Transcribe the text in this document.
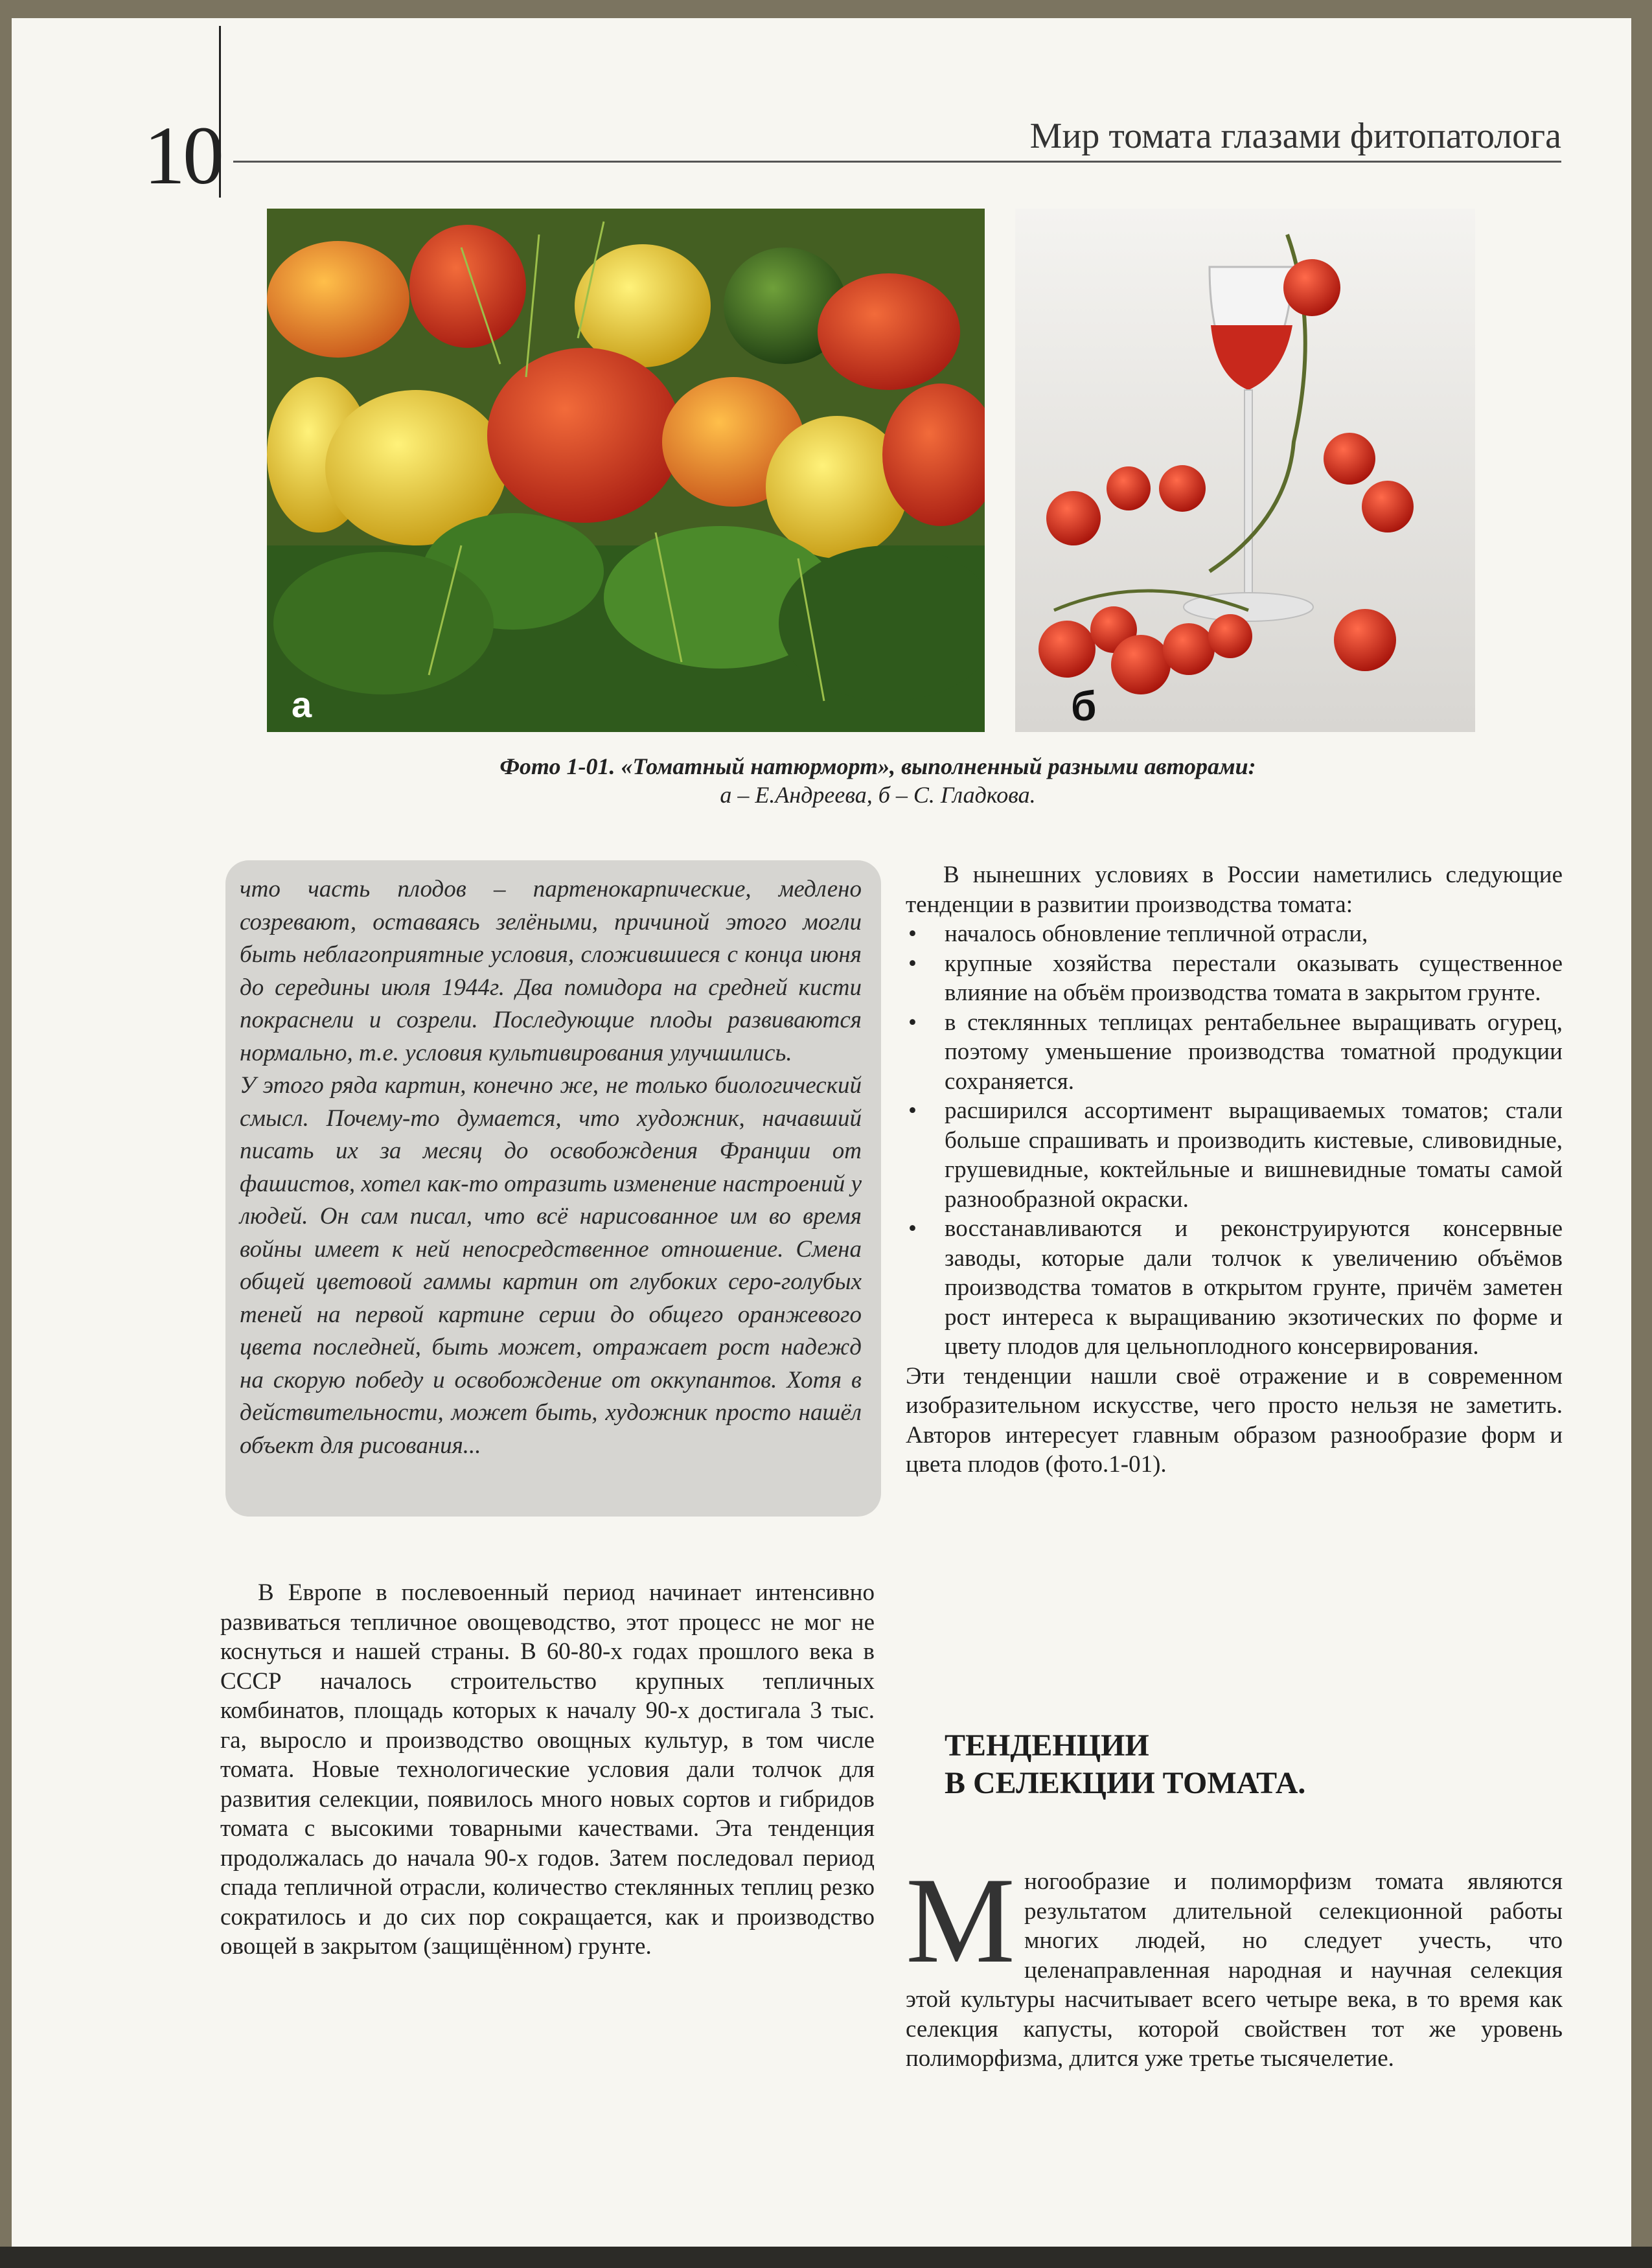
10	Мир томата глазами фитопатолога
а	б
Фото 1-01. «Томатный натюрморт», выполненный разными авторами:
а – Е.Андреева, б – С. Гладкова.

что часть плодов – партенокарпические, медлено созревают, оставаясь зелёными, причиной этого могли быть неблагоприятные условия, сложившиеся с конца июня до середины июля 1944г. Два помидора на средней кисти покраснели и созрели. Последующие плоды развиваются нормально, т.е. условия культивирования улучшились.

У этого ряда картин, конечно же, не только биологический смысл. Почему-то думается, что художник, начавший писать их за месяц до освобождения Франции от фашистов, хотел как-то отразить изменение настроений у людей. Он сам писал, что всё нарисованное им во время войны имеет к ней непосредственное отношение. Смена общей цветовой гаммы картин от глубоких серо-голубых теней на первой картине серии до общего оранжевого цвета последней, быть может, отражает рост надежд на скорую победу и освобождение от оккупантов. Хотя в действительности, может быть, художник просто нашёл объект для рисования...

В Европе в послевоенный период начинает интенсивно развиваться тепличное овощеводство, этот процесс не мог не коснуться и нашей страны. В 60-80-х годах прошлого века в СССР началось строительство крупных тепличных комбинатов, площадь которых к началу 90-х достигала 3 тыс. га, выросло и производство овощных культур, в том числе томата. Новые технологические условия дали толчок для развития селекции, появилось много новых сортов и гибридов томата с высокими товарными качествами. Эта тенденция продолжалась до начала 90-х годов. Затем последовал период спада тепличной отрасли, количество стеклянных теплиц резко сократилось и до сих пор сокращается, как и производство овощей в закрытом (защищённом) грунте.

В нынешних условиях в России наметились следующие тенденции в развитии производства томата:

• началось обновление тепличной отрасли,
• крупные хозяйства перестали оказывать существенное влияние на объём производства томата в закрытом грунте.
• в стеклянных теплицах рентабельнее выращивать огурец, поэтому уменьшение производства томатной продукции сохраняется.
• расширился ассортимент выращиваемых томатов; стали больше спрашивать и производить кистевые, сливовидные, грушевидные, коктейльные и вишневидные томаты самой разнообразной окраски.
• восстанавливаются и реконструируются консервные заводы, которые дали толчок к увеличению объёмов производства томатов в открытом грунте, причём заметен рост интереса к выращиванию экзотических по форме и цвету плодов для цельноплодного консервирования.

Эти тенденции нашли своё отражение и в современном изобразительном искусстве, чего просто нельзя не заметить. Авторов интересует главным образом разнообразие форм и цвета плодов (фото.1-01).

ТЕНДЕНЦИИ
В СЕЛЕКЦИИ ТОМАТА.
Многообразие и полиморфизм томата являются результатом длительной селекционной работы многих людей, но следует учесть, что целенаправленная народная и научная селекция этой культуры насчитывает всего четыре века, в то время как селекция капусты, которой свойствен тот же уровень полиморфизма, длится уже третье тысячелетие.
